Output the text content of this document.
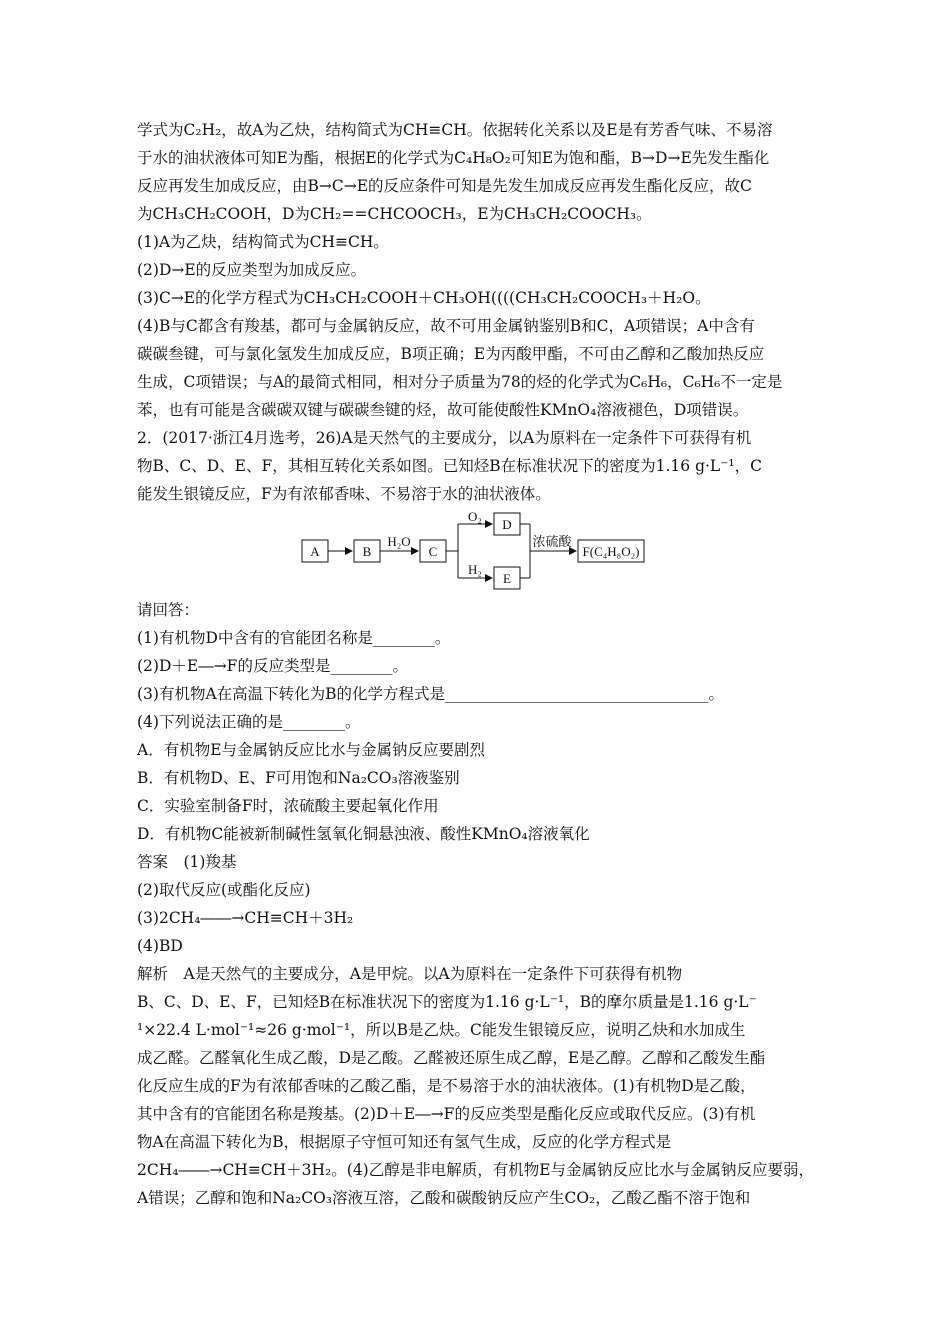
学式为C₂H₂，故A为乙炔，结构简式为CH≡CH。依据转化关系以及E是有芳香气味、不易溶
于水的油状液体可知E为酯，根据E的化学式为C₄H₈O₂可知E为饱和酯，B→D→E先发生酯化
反应再发生加成反应，由B→C→E的反应条件可知是先发生加成反应再发生酯化反应，故C
为CH₃CH₂COOH，D为CH₂==CHCOOCH₃，E为CH₃CH₂COOCH₃。
(1)A为乙炔，结构简式为CH≡CH。
(2)D→E的反应类型为加成反应。
(3)C→E的化学方程式为CH₃CH₂COOH＋CH₃OH((((CH₃CH₂COOCH₃＋H₂O。
(4)B与C都含有羧基，都可与金属钠反应，故不可用金属钠鉴别B和C，A项错误；A中含有
碳碳叁键，可与氯化氢发生加成反应，B项正确；E为丙酸甲酯，不可由乙醇和乙酸加热反应
生成，C项错误；与A的最简式相同，相对分子质量为78的烃的化学式为C₆H₆，C₆H₆不一定是
苯，也有可能是含碳碳双键与碳碳叁键的烃，故可能使酸性KMnO₄溶液褪色，D项错误。
2．(2017·浙江4月选考，26)A是天然气的主要成分，以A为原料在一定条件下可获得有机
物B、C、D、E、F，其相互转化关系如图。已知烃B在标准状况下的密度为1.16 g·L⁻¹，C
能发生银镜反应，F为有浓郁香味、不易溶于水的油状液体。
A	B
H₂O
C
O₂
H₂
D
E
浓硫酸
F(C₄H₈O₂)
请回答：
(1)有机物D中含有的官能团名称是________。
(2)D＋E―→F的反应类型是________。
(3)有机物A在高温下转化为B的化学方程式是__________________________________。
(4)下列说法正确的是________。
A．有机物E与金属钠反应比水与金属钠反应要剧烈
B．有机物D、E、F可用饱和Na₂CO₃溶液鉴别
C．实验室制备F时，浓硫酸主要起氧化作用
D．有机物C能被新制碱性氢氧化铜悬浊液、酸性KMnO₄溶液氧化
答案　(1)羧基
(2)取代反应(或酯化反应)
(3)2CH₄――→CH≡CH＋3H₂
(4)BD
解析　A是天然气的主要成分，A是甲烷。以A为原料在一定条件下可获得有机物
B、C、D、E、F，已知烃B在标准状况下的密度为1.16 g·L⁻¹，B的摩尔质量是1.16 g·L⁻
¹×22.4 L·mol⁻¹≈26 g·mol⁻¹，所以B是乙炔。C能发生银镜反应，说明乙炔和水加成生
成乙醛。乙醛氧化生成乙酸，D是乙酸。乙醛被还原生成乙醇，E是乙醇。乙醇和乙酸发生酯
化反应生成的F为有浓郁香味的乙酸乙酯，是不易溶于水的油状液体。(1)有机物D是乙酸，
其中含有的官能团名称是羧基。(2)D＋E―→F的反应类型是酯化反应或取代反应。(3)有机
物A在高温下转化为B，根据原子守恒可知还有氢气生成，反应的化学方程式是
2CH₄――→CH≡CH＋3H₂。(4)乙醇是非电解质，有机物E与金属钠反应比水与金属钠反应要弱，
A错误；乙醇和饱和Na₂CO₃溶液互溶，乙酸和碳酸钠反应产生CO₂，乙酸乙酯不溶于饱和
